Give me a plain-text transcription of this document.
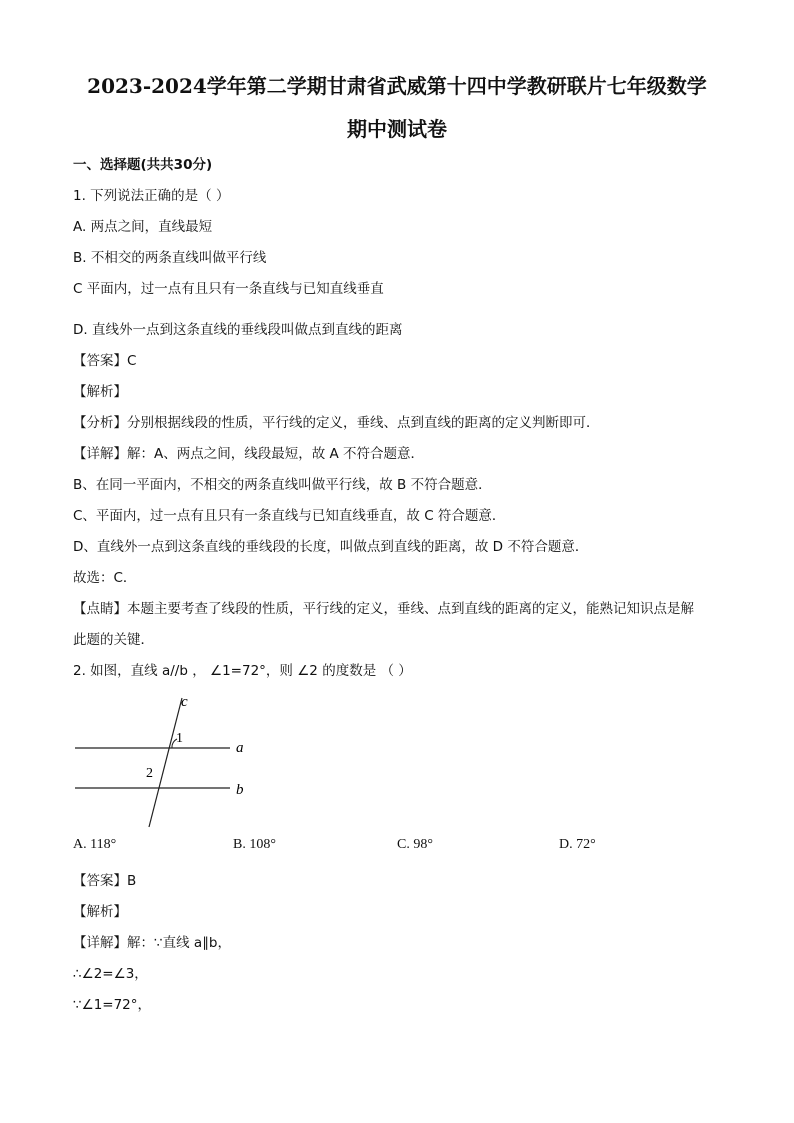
2023-2024学年第二学期甘肃省武威第十四中学教研联片七年级数学
期中测试卷
一、选择题(共共30分)
1. 下列说法正确的是（ ）
A. 两点之间，直线最短
B. 不相交的两条直线叫做平行线
C 平面内，过一点有且只有一条直线与已知直线垂直
D. 直线外一点到这条直线的垂线段叫做点到直线的距离
【答案】C
【解析】
【分析】分别根据线段的性质，平行线的定义，垂线、点到直线的距离的定义判断即可．
【详解】解：A、两点之间，线段最短，故 A 不符合题意．
B、在同一平面内，不相交的两条直线叫做平行线，故 B 不符合题意．
C、平面内，过一点有且只有一条直线与已知直线垂直，故 C 符合题意．
D、直线外一点到这条直线的垂线段的长度，叫做点到直线的距离，故 D 不符合题意．
故选：C．
【点睛】本题主要考查了线段的性质，平行线的定义，垂线、点到直线的距离的定义，能熟记知识点是解
此题的关键．
2. 如图，直线 a//b ， ∠1=72°，则 ∠2 的度数是 （ ）
c
1
a
2
b
A. 118°	B. 108°	C. 98°	D. 72°
【答案】B
【解析】
【详解】解：∵直线 a∥b，
∴∠2=∠3，
∵∠1=72°，
